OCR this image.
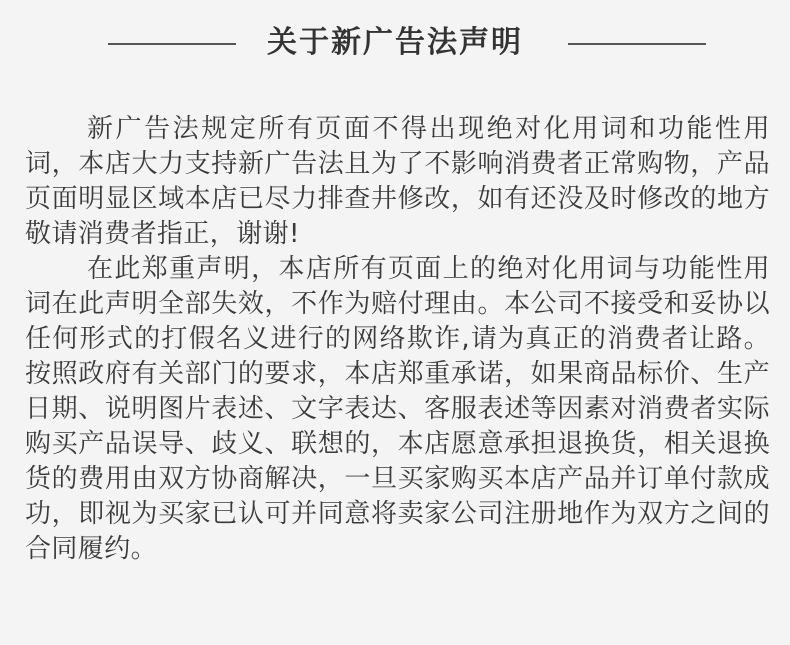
关于新广告法声明

新广告法规定所有页面不得出现绝对化用词和功能性用词，本店大力支持新广告法且为了不影响消费者正常购物，产品页面明显区域本店已尽力排查井修改，如有还没及时修改的地方敬请消费者指正，谢谢!

在此郑重声明，本店所有页面上的绝对化用词与功能性用词在此声明全部失效，不作为赔付理由。本公司不接受和妥协以任何形式的打假名义进行的网络欺诈,请为真正的消费者让路。按照政府有关部门的要求，本店郑重承诺，如果商品标价、生产日期、说明图片表述、文字表达、客服表述等因素对消费者实际购买产品误导、歧义、联想的，本店愿意承担退换货，相关退换货的费用由双方协商解决，一旦买家购买本店产品并订单付款成功，即视为买家已认可并同意将卖家公司注册地作为双方之间的合同履约。
